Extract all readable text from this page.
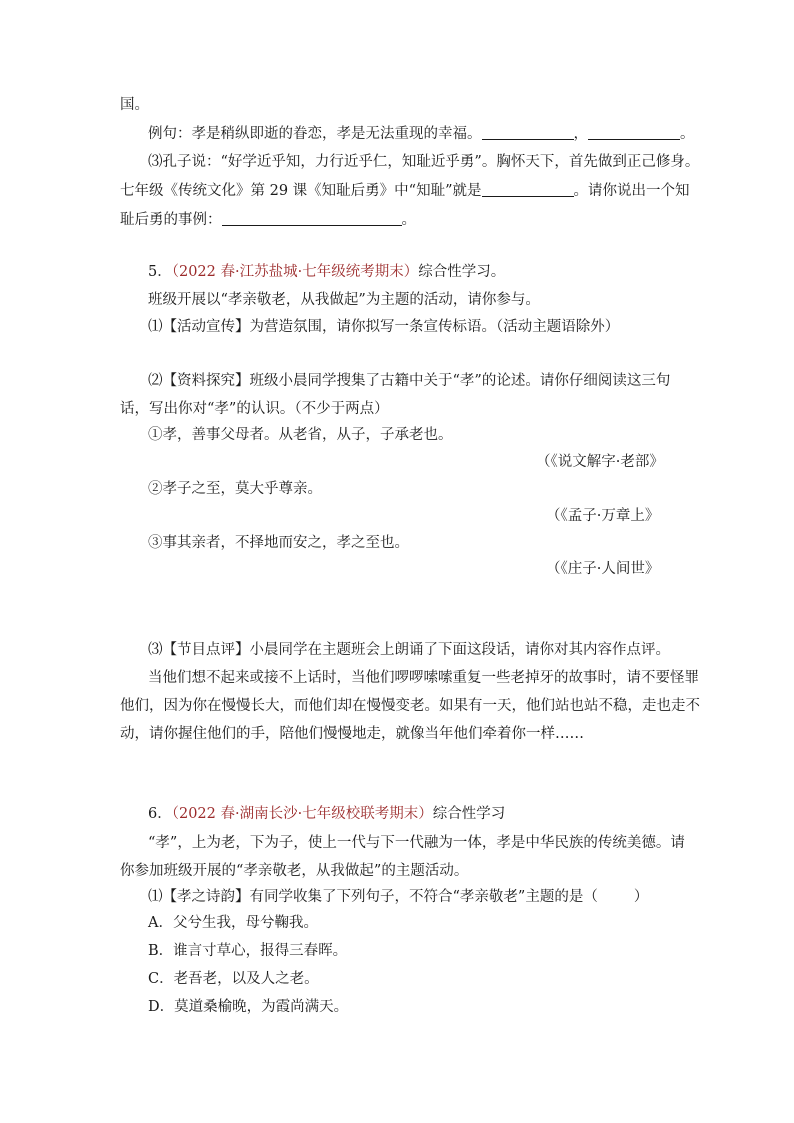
国。
例句：孝是稍纵即逝的眷恋，孝是无法重现的幸福。	，	。
⑶孔子说：“好学近乎知，力行近乎仁，知耻近乎勇”。胸怀天下，首先做到正己修身。
七年级《传统文化》第 29 课《知耻后勇》中“知耻”就是	。请你说出一个知
耻后勇的事例：	。
5．（2022 春·江苏盐城·七年级统考期末）综合性学习。
班级开展以“孝亲敬老，从我做起”为主题的活动，请你参与。
⑴【活动宣传】为营造氛围，请你拟写一条宣传标语。（活动主题语除外）
⑵【资料探究】班级小晨同学搜集了古籍中关于“孝”的论述。请你仔细阅读这三句
话，写出你对“孝”的认识。（不少于两点）
①孝，善事父母者。从老省，从子，子承老也。
（《说文解字·老部》
②孝子之至，莫大乎尊亲。
（《孟子·万章上》
③事其亲者，不择地而安之，孝之至也。
（《庄子·人间世》
⑶【节目点评】小晨同学在主题班会上朗诵了下面这段话，请你对其内容作点评。
当他们想不起来或接不上话时，当他们啰啰嗦嗦重复一些老掉牙的故事时，请不要怪罪
他们，因为你在慢慢长大，而他们却在慢慢变老。如果有一天，他们站也站不稳，走也走不
动，请你握住他们的手，陪他们慢慢地走，就像当年他们牵着你一样……
6．（2022 春·湖南长沙·七年级校联考期末）综合性学习
“孝”，上为老，下为子，使上一代与下一代融为一体，孝是中华民族的传统美德。请
你参加班级开展的“孝亲敬老，从我做起”的主题活动。
⑴【孝之诗韵】有同学收集了下列句子，不符合“孝亲敬老”主题的是（ ）
A．父兮生我，母兮鞠我。
B．谁言寸草心，报得三春晖。
C．老吾老，以及人之老。
D．莫道桑榆晚，为霞尚满天。
